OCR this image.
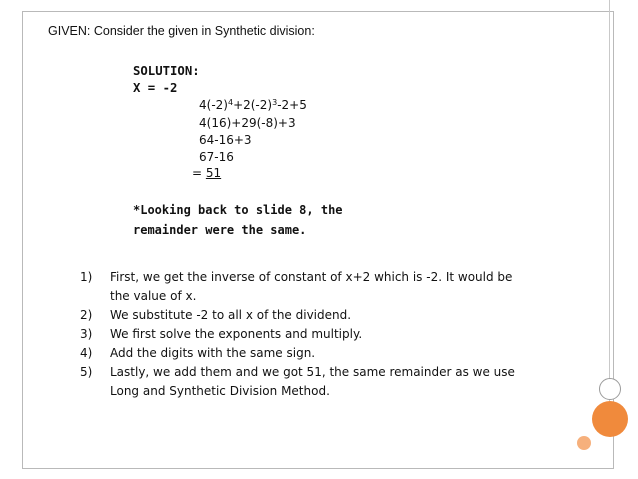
GIVEN: Consider the given in Synthetic division:
SOLUTION:
X = -2
$4(-2)^4+2(-2)^3-2+5$
4(16)+29(-8)+3
64-16+3
67-16
= 51
*Looking back to slide 8, the remainder were the same.
1) First, we get the inverse of constant of x+2 which is -2. It would be the value of x.
2) We substitute -2 to all x of the dividend.
3) We first solve the exponents and multiply.
4) Add the digits with the same sign.
5) Lastly, we add them and we got 51, the same remainder as we use Long and Synthetic Division Method.
